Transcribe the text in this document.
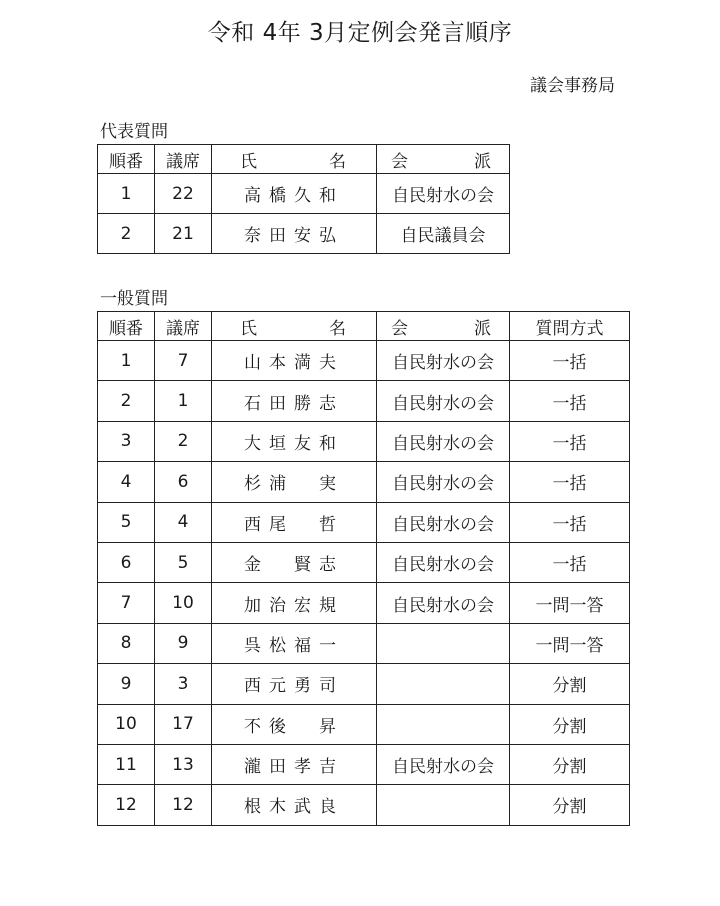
令和 4年 3月定例会発言順序
議会事務局
代表質問
順番	議席	氏 名	会 派

1	22	高橋久和	自民射水の会
2	21	奈田安弘	自民議員会
一般質問
順番	議席	氏 名	会 派	質問方式
1	7	山本満夫	自民射水の会	一括
2	1	石田勝志	自民射水の会	一括
3	2	大垣友和	自民射水の会	一括
4	6	杉浦　実	自民射水の会	一括
5	4	西尾　哲	自民射水の会	一括
6	5	金　賢志	自民射水の会	一括
7	10	加治宏規	自民射水の会	一問一答
8	9	呉松福一		一問一答
9	3	西元勇司		分割
10	17	不後　昇		分割
11	13	瀧田孝吉	自民射水の会	分割
12	12	根木武良		分割
